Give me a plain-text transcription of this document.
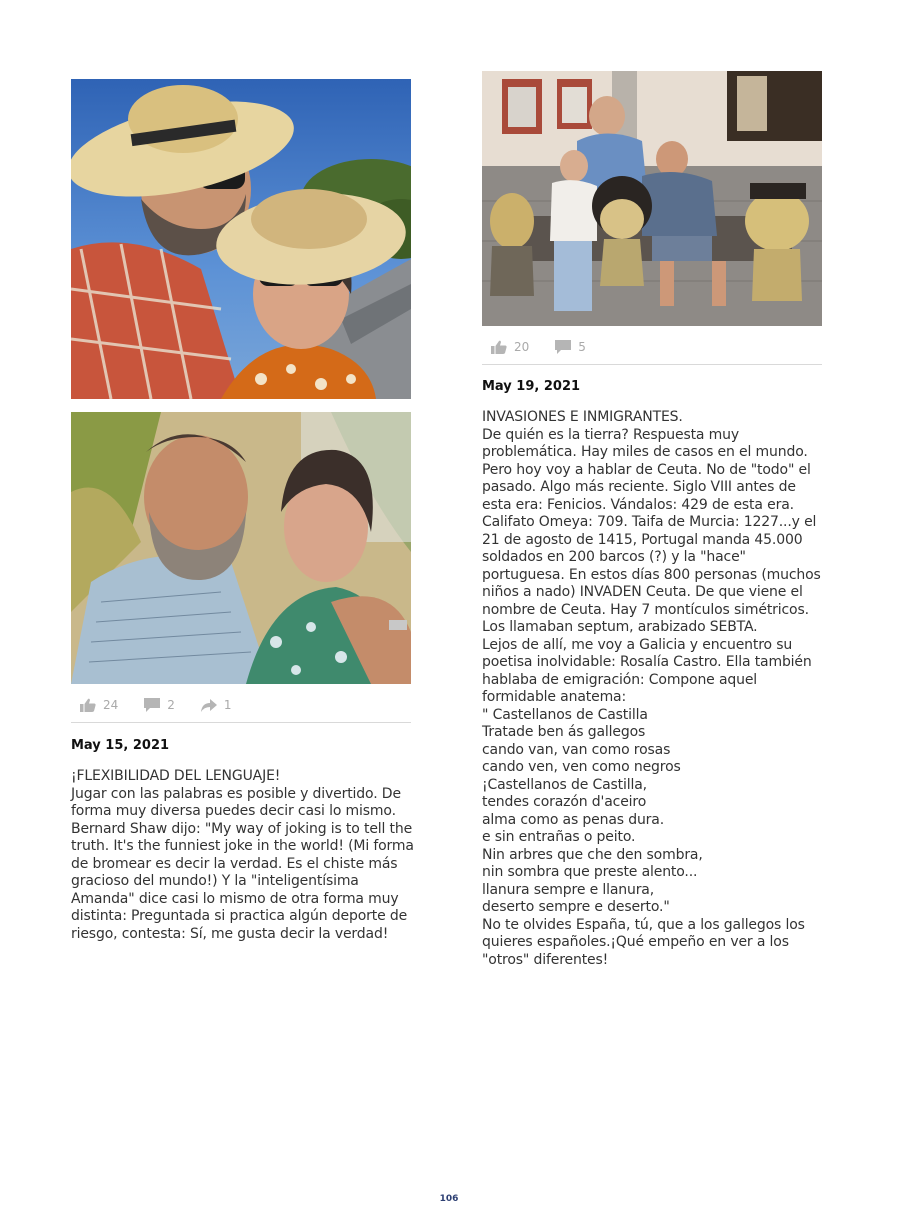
24	2	1
May 15, 2021
¡FLEXIBILIDAD DEL LENGUAJE!
Jugar con las palabras es posible y divertido. De forma muy diversa puedes decir casi lo mismo. Bernard Shaw dijo: "My way of joking is to tell the truth. It's the funniest joke in the world! (Mi forma de bromear es decir la verdad. Es el chiste más gracioso del mundo!) Y la "inteligentísima Amanda" dice casi lo mismo de otra forma muy distinta: Preguntada si practica algún deporte de riesgo, contesta: Sí, me gusta decir la verdad!
20	5
May 19, 2021
INVASIONES E INMIGRANTES.
De quién es la tierra? Respuesta muy problemática. Hay miles de casos en el mundo. Pero hoy voy a hablar de Ceuta. No de "todo" el pasado. Algo más reciente. Siglo VIII antes de esta era: Fenicios. Vándalos: 429 de esta era. Califato Omeya: 709. Taifa de Murcia: 1227...y el 21 de agosto de 1415, Portugal manda 45.000 soldados en 200 barcos (?) y la "hace" portuguesa. En estos días 800 personas (muchos niños a nado) INVADEN Ceuta. De que viene el nombre de Ceuta. Hay 7 montículos simétricos. Los llamaban septum, arabizado SEBTA.
Lejos de allí, me voy a Galicia y encuentro su poetisa inolvidable: Rosalía Castro. Ella también hablaba de emigración: Compone aquel formidable anatema:
" Castellanos de Castilla
Tratade ben ás gallegos
cando van, van como rosas
cando ven, ven como negros
¡Castellanos de Castilla,
tendes corazón d'aceiro
alma como as penas dura.
e sin entrañas o peito.
Nin arbres que che den sombra,
nin sombra que preste alento...
llanura sempre e llanura,
deserto sempre e deserto."
No te olvides España, tú, que a los gallegos los quieres españoles.¡Qué empeño en ver a los "otros" diferentes!
106
